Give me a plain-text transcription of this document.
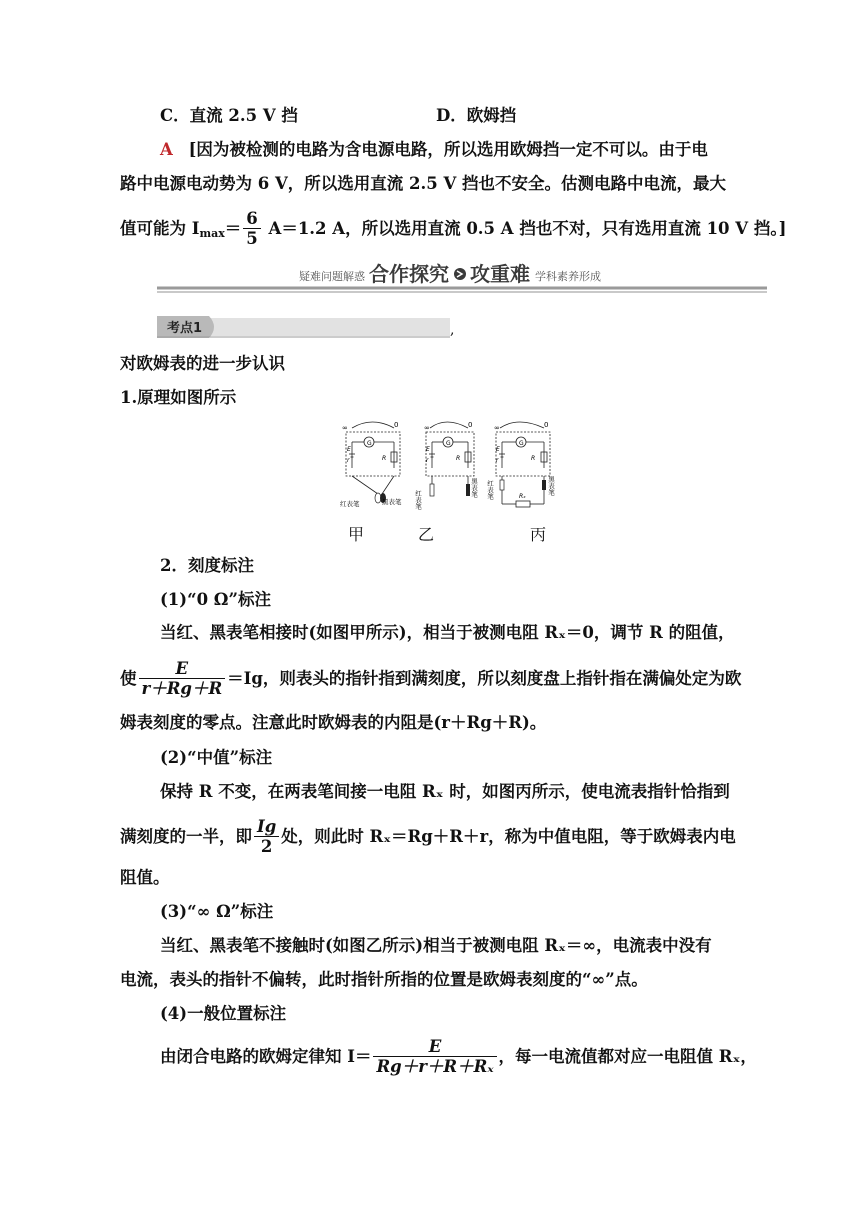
C．直流 2.5 V 挡	D．欧姆挡
A [因为被检测的电路为含电源电路，所以选用欧姆挡一定不可以。由于电
路中电源电动势为 6 V，所以选用直流 2.5 V 挡也不安全。估测电路中电流，最大
值可能为 $I_{max}= \frac{6}{5} A=1.2$ A，所以选用直流 0.5 A 挡也不对，只有选用直流 10 V 挡。]
疑难问题解惑 合作探究 攻重难 学科素养形成
考点1	,
对欧姆表的进一步认识
1.原理如图所示
∞	0
G
E
r	R
红表笔	黑表笔
∞	0
G
E
r	R
红表笔
黑表笔
∞	0
G
E
r	R
Rₓ
红表笔	黑表笔
甲	乙	丙
2．刻度标注
(1)“0 Ω”标注
当红、黑表笔相接时(如图甲所示)，相当于被测电阻 Rₓ＝0，调节 R 的阻值，
使 $\frac{E}{r+Rg+R} =Ig$，则表头的指针指到满刻度，所以刻度盘上指针指在满偏处定为欧
姆表刻度的零点。注意此时欧姆表的内阻是(r＋Rg＋R)。
(2)“中值”标注
保持 R 不变，在两表笔间接一电阻 Rₓ 时，如图丙所示，使电流表指针恰指到
满刻度的一半，即 $\frac{Ig}{2}$ 处，则此时 Rₓ＝Rg＋R＋r，称为中值电阻，等于欧姆表内电
阻值。
(3)“∞ Ω”标注
当红、黑表笔不接触时(如图乙所示)相当于被测电阻 Rₓ＝∞，电流表中没有
电流，表头的指针不偏转，此时指针所指的位置是欧姆表刻度的“∞”点。
(4)一般位置标注
由闭合电路的欧姆定律知 $I= \frac{E}{\text{Rg＋r＋R＋Rₓ}}$ ，每一电流值都对应一电阻值 Rₓ，
